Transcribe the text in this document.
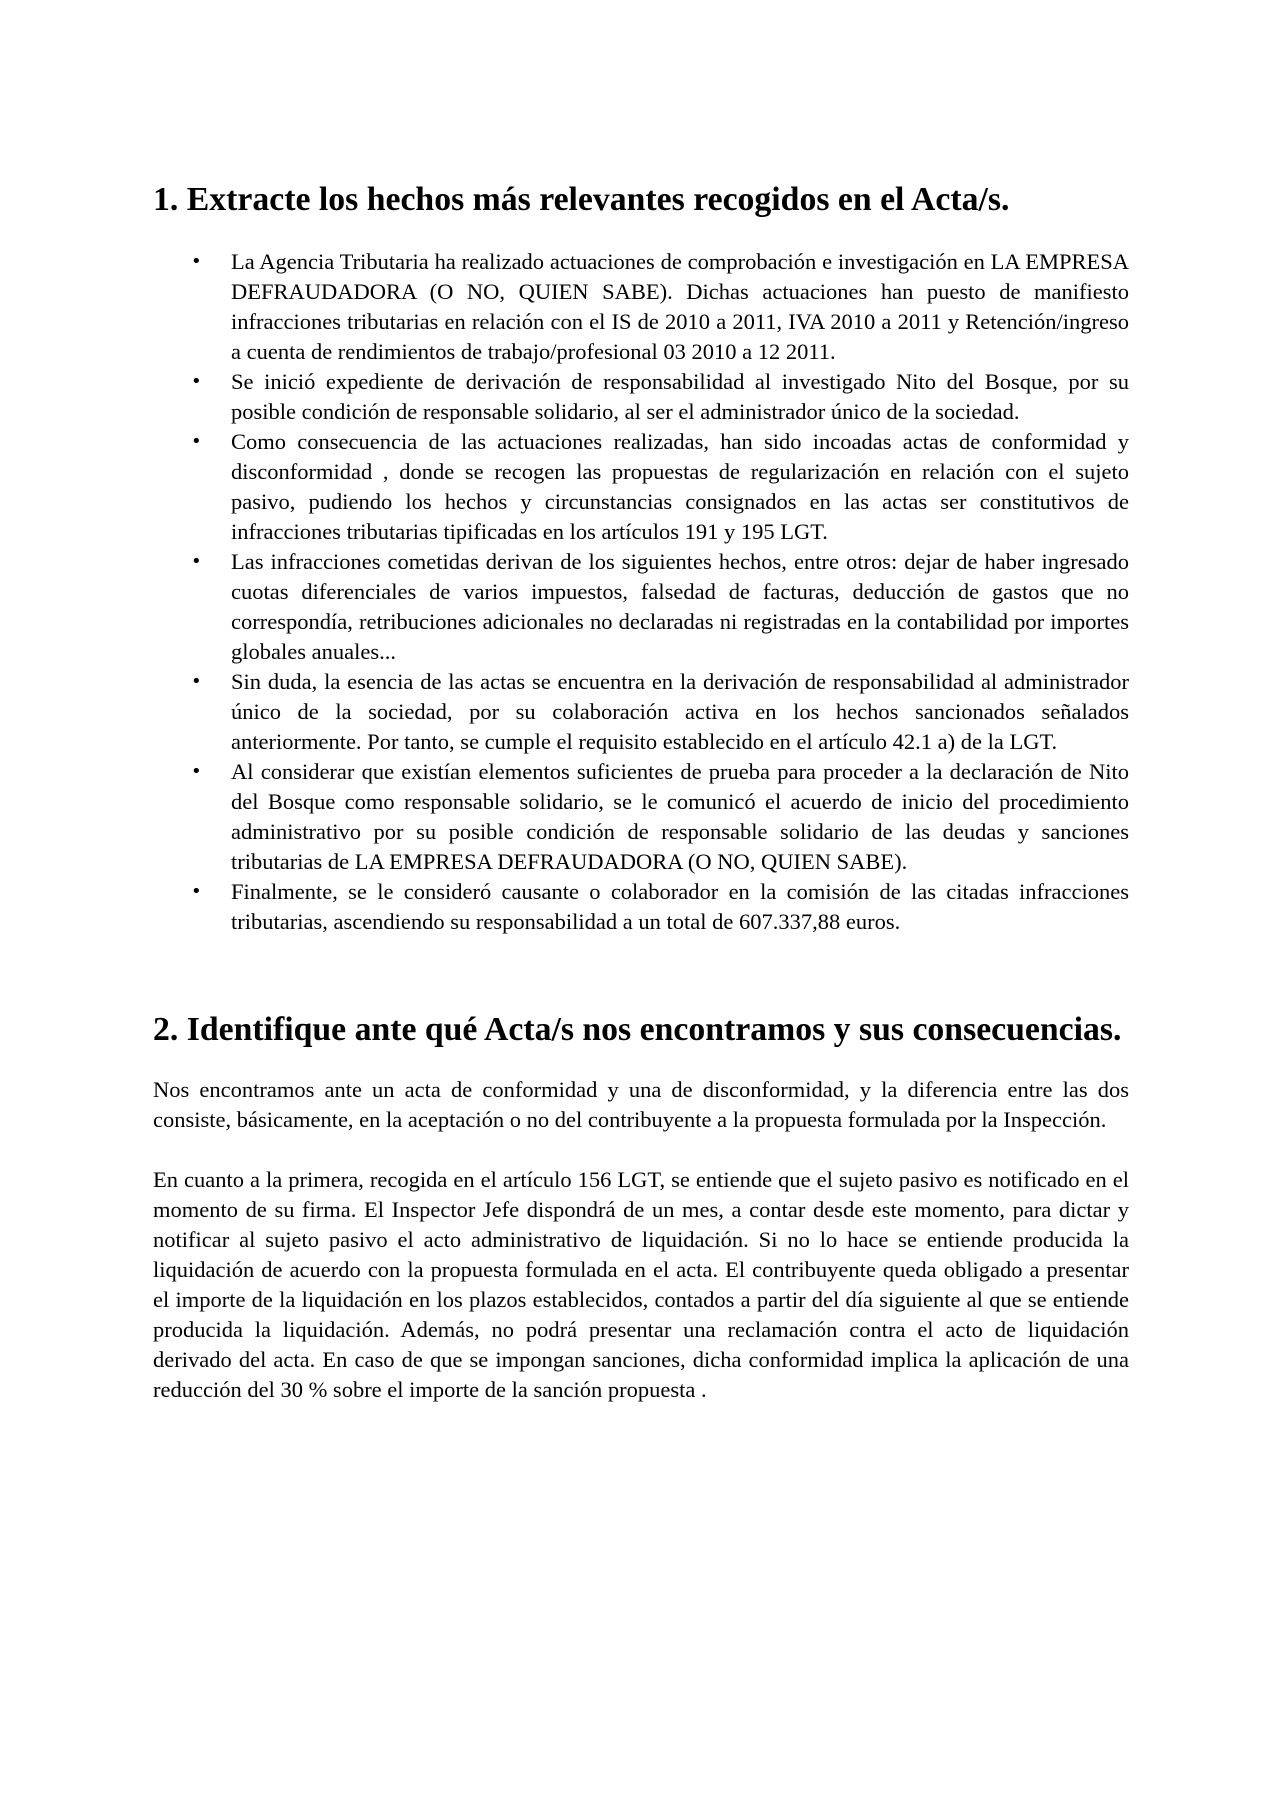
1. Extracte los hechos más relevantes recogidos en el Acta/s.
• La Agencia Tributaria ha realizado actuaciones de comprobación e investigación en LA EMPRESA DEFRAUDADORA (O NO, QUIEN SABE). Dichas actuaciones han puesto de manifiesto infracciones tributarias en relación con el IS de 2010 a 2011, IVA 2010 a 2011 y Retención/ingreso a cuenta de rendimientos de trabajo/profesional 03 2010 a 12 2011.
• Se inició expediente de derivación de responsabilidad al investigado Nito del Bosque, por su posible condición de responsable solidario, al ser el administrador único de la sociedad.
• Como consecuencia de las actuaciones realizadas, han sido incoadas actas de conformidad y disconformidad , donde se recogen las propuestas de regularización en relación con el sujeto pasivo, pudiendo los hechos y circunstancias consignados en las actas ser constitutivos de infracciones tributarias tipificadas en los artículos 191 y 195 LGT.
• Las infracciones cometidas derivan de los siguientes hechos, entre otros: dejar de haber ingresado cuotas diferenciales de varios impuestos, falsedad de facturas, deducción de gastos que no correspondía, retribuciones adicionales no declaradas ni registradas en la contabilidad por importes globales anuales...
• Sin duda, la esencia de las actas se encuentra en la derivación de responsabilidad al administrador único de la sociedad, por su colaboración activa en los hechos sancionados señalados anteriormente. Por tanto, se cumple el requisito establecido en el artículo 42.1 a) de la LGT.
• Al considerar que existían elementos suficientes de prueba para proceder a la declaración de Nito del Bosque como responsable solidario, se le comunicó el acuerdo de inicio del procedimiento administrativo por su posible condición de responsable solidario de las deudas y sanciones tributarias de LA EMPRESA DEFRAUDADORA (O NO, QUIEN SABE).
• Finalmente, se le consideró causante o colaborador en la comisión de las citadas infracciones tributarias, ascendiendo su responsabilidad a un total de 607.337,88 euros.
2. Identifique ante qué Acta/s nos encontramos y sus consecuencias.

Nos encontramos ante un acta de conformidad y una de disconformidad, y la diferencia entre las dos consiste, básicamente, en la aceptación o no del contribuyente a la propuesta formulada por la Inspección.

En cuanto a la primera, recogida en el artículo 156 LGT, se entiende que el sujeto pasivo es notificado en el momento de su firma. El Inspector Jefe dispondrá de un mes, a contar desde este momento, para dictar y notificar al sujeto pasivo el acto administrativo de liquidación. Si no lo hace se entiende producida la liquidación de acuerdo con la propuesta formulada en el acta. El contribuyente queda obligado a presentar el importe de la liquidación en los plazos establecidos, contados a partir del día siguiente al que se entiende producida la liquidación. Además, no podrá presentar una reclamación contra el acto de liquidación derivado del acta. En caso de que se impongan sanciones, dicha conformidad implica la aplicación de una reducción del 30 % sobre el importe de la sanción propuesta .
